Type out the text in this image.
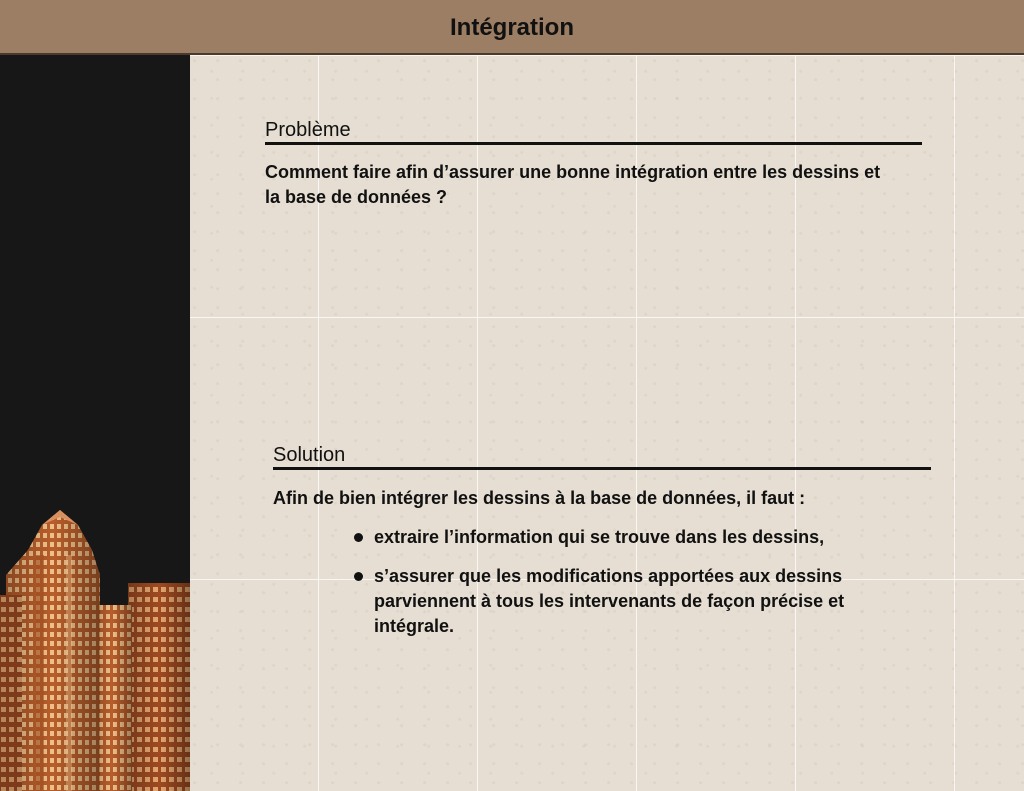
Intégration
Problème
Comment faire afin d’assurer une bonne intégration entre les dessins et la base de données ?
Solution
Afin de bien intégrer les dessins à la base de données, il faut :
extraire l’information qui se trouve dans les dessins,
s’assurer que les modifications apportées aux dessins parviennent à tous les intervenants de façon précise et intégrale.
